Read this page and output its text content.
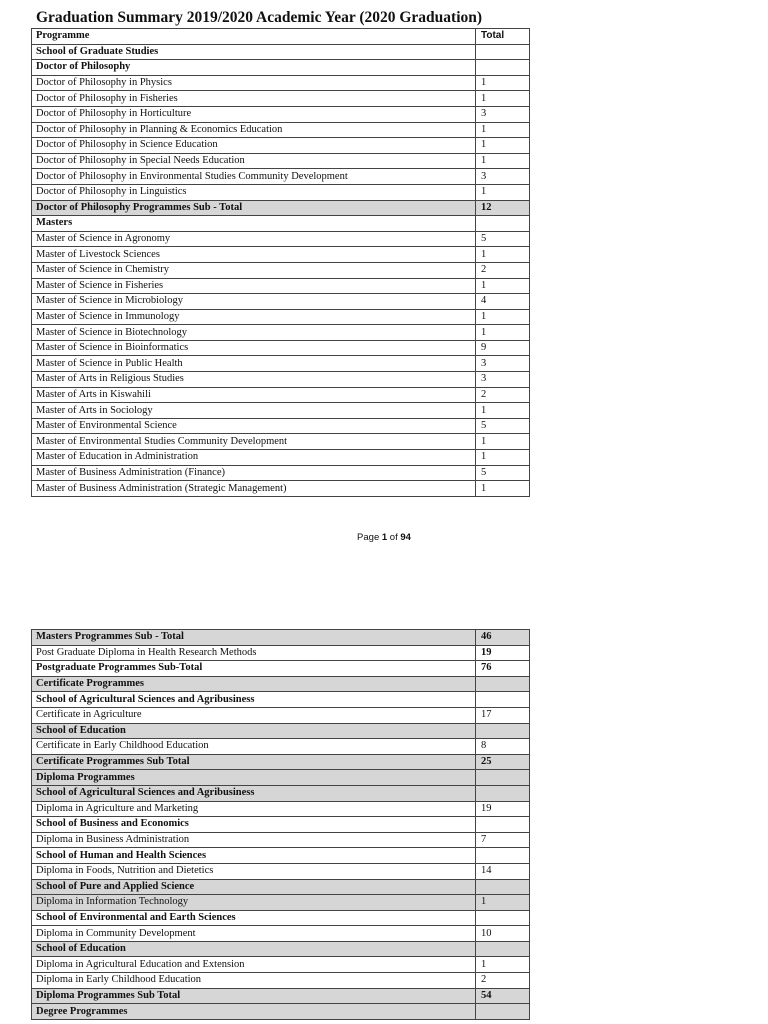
Graduation Summary 2019/2020 Academic Year (2020 Graduation)
Programme	Total
School of Graduate Studies	
Doctor of Philosophy	
Doctor of Philosophy in Physics	1
Doctor of Philosophy in Fisheries	1
Doctor of Philosophy in Horticulture	3
Doctor of Philosophy in Planning & Economics Education	1
Doctor of Philosophy in Science Education	1
Doctor of Philosophy in Special Needs Education	1
Doctor of Philosophy in Environmental Studies Community Development	3
Doctor of Philosophy in Linguistics	1
Doctor of Philosophy Programmes Sub - Total	12
Masters	
Master of Science in Agronomy	5
Master of Livestock Sciences	1
Master of Science in Chemistry	2
Master of Science in Fisheries	1
Master of Science in Microbiology	4
Master of Science in Immunology	1
Master of Science in Biotechnology	1
Master of Science in Bioinformatics	9
Master of Science in Public Health	3
Master of Arts in Religious Studies	3
Master of Arts in Kiswahili	2
Master of Arts in Sociology	1
Master of Environmental Science	5
Master of Environmental Studies Community Development	1
Master of Education in Administration	1
Master of Business Administration (Finance)	5
Master of Business Administration (Strategic Management)	1
Page 1 of 94
Masters Programmes Sub - Total	46
Post Graduate Diploma in Health Research Methods	19
Postgraduate Programmes Sub-Total	76
Certificate Programmes	
School of Agricultural Sciences and Agribusiness	
Certificate in Agriculture	17
School of Education	
Certificate in Early Childhood Education	8
Certificate Programmes Sub Total	25
Diploma Programmes	
School of Agricultural Sciences and Agribusiness	
Diploma in Agriculture and Marketing	19
School of Business and Economics	
Diploma in Business Administration	7
School of Human and Health Sciences	
Diploma in Foods, Nutrition and Dietetics	14
School of Pure and Applied Science	
Diploma in Information Technology	1
School of Environmental and Earth Sciences	
Diploma in Community Development	10
School of Education	
Diploma in Agricultural Education and Extension	1
Diploma in Early Childhood Education	2
Diploma Programmes Sub Total	54
Degree Programmes	
